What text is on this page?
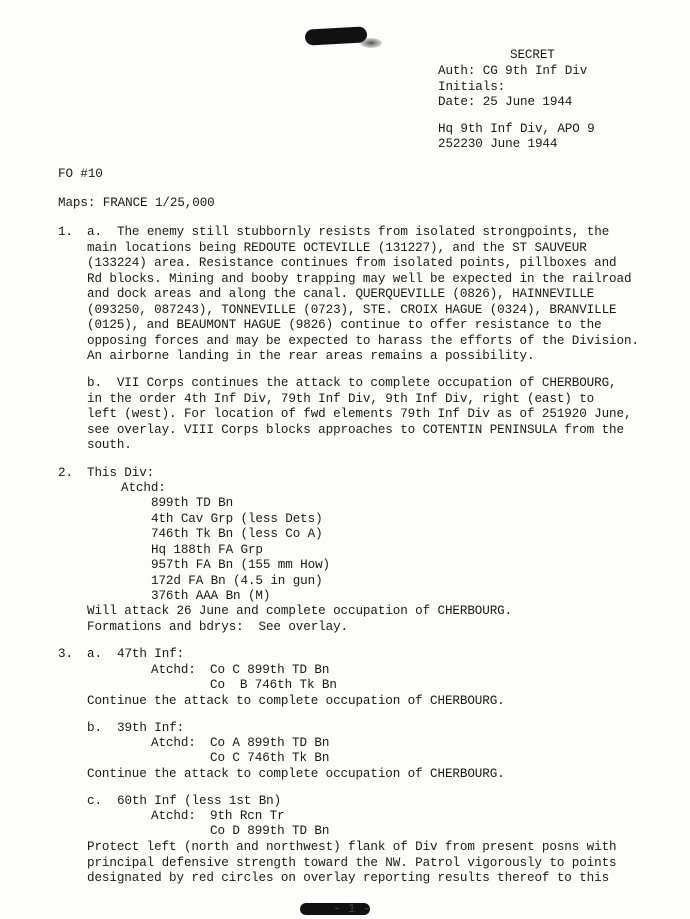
SECRET
Auth: CG 9th Inf Div
Initials:
Date: 25 June 1944
Hq 9th Inf Div, APO 9
252230 June 1944
FO #10
Maps: FRANCE 1/25,000
1. a. The enemy still stubbornly resists from isolated strongpoints, the
main locations being REDOUTE OCTEVILLE (131227), and the ST SAUVEUR
(133224) area. Resistance continues from isolated points, pillboxes and
Rd blocks. Mining and booby trapping may well be expected in the railroad
and dock areas and along the canal. QUERQUEVILLE (0826), HAINNEVILLE
(093250, 087243), TONNEVILLE (0723), STE. CROIX HAGUE (0324), BRANVILLE
(0125), and BEAUMONT HAGUE (9826) continue to offer resistance to the
opposing forces and may be expected to harass the efforts of the Division.
An airborne landing in the rear areas remains a possibility.
b.  VII Corps continues the attack to complete occupation of CHERBOURG,
in the order 4th Inf Div, 79th Inf Div, 9th Inf Div, right (east) to
left (west). For location of fwd elements 79th Inf Div as of 251920 June,
see overlay. VIII Corps blocks approaches to COTENTIN PENINSULA from the
south.
2. This Div:
Atchd:
899th TD Bn
4th Cav Grp (less Dets)
746th Tk Bn (less Co A)
Hq 188th FA Grp
957th FA Bn (155 mm How)
172d FA Bn (4.5 in gun)
376th AAA Bn (M)
Will attack 26 June and complete occupation of CHERBOURG.
Formations and bdrys:  See overlay.
3. a. 47th Inf:
Atchd: Co C 899th TD Bn
Co  B 746th Tk Bn
Continue the attack to complete occupation of CHERBOURG.
b. 39th Inf:
Atchd: Co A 899th TD Bn
Co C 746th Tk Bn
Continue the attack to complete occupation of CHERBOURG.
c. 60th Inf (less 1st Bn)
Atchd: 9th Rcn Tr
Co D 899th TD Bn
Protect left (north and northwest) flank of Div from present posns with
principal defensive strength toward the NW. Patrol vigorously to points
designated by red circles on overlay reporting results thereof to this
- 1 -
